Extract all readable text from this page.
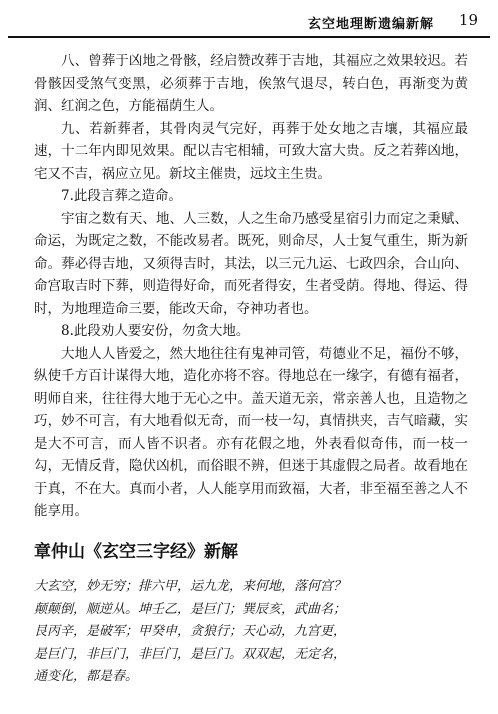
玄空地理断遗编新解 19

八、曾葬于凶地之骨骸，经启赞改葬于吉地，其福应之效果较迟。若骨骸因受煞气变黑，必须葬于吉地，俟煞气退尽，转白色，再渐变为黄润、红润之色，方能福荫生人。

九、若新葬者，其骨肉灵气完好，再葬于处女地之吉壤，其福应最速，十二年内即见效果。配以吉宅相辅，可致大富大贵。反之若葬凶地，宅又不吉，祸应立见。新坟主催贵，远坟主生贵。

7.此段言葬之造命。

宇宙之数有天、地、人三数，人之生命乃感受星宿引力而定之秉赋、命运，为既定之数，不能改易者。既死，则命尽，人士复气重生，斯为新命。葬必得吉地，又须得吉时，其法，以三元九运、七政四余，合山向、命宫取吉时下葬，则造得好命，而死者得安，生者受荫。得地、得运、得时，为地理造命三要，能改天命，夺神功者也。

8.此段劝人要安份，勿贪大地。

大地人人皆爱之，然大地往往有鬼神司管，苟德业不足，福份不够，纵使千方百计谋得大地，造化亦将不容。得地总在一缘字，有德有福者，明师自来，往往得大地于无心之中。盖天道无亲，常亲善人也，且造物之巧，妙不可言，有大地看似无奇，而一枝一勾，真情拱夹，吉气暗藏，实是大不可言，而人皆不识者。亦有花假之地，外表看似奇伟，而一枝一勾，无情反背，隐伏凶机，而俗眼不辨，但迷于其虚假之局者。故看地在于真，不在大。真而小者，人人能享用而致福，大者，非至福至善之人不能享用。

章仲山《玄空三字经》新解
大玄空，妙无穷；排六甲，运九龙，来何地，落何宫？
颠颠倒，顺逆从。坤壬乙，是巨门；巽辰亥，武曲名；
艮丙辛，是破军；甲癸申，贪狼行；天心动，九宫更，
是巨门，非巨门，非巨门，是巨门。双双起，无定名，
通变化，都是春。
